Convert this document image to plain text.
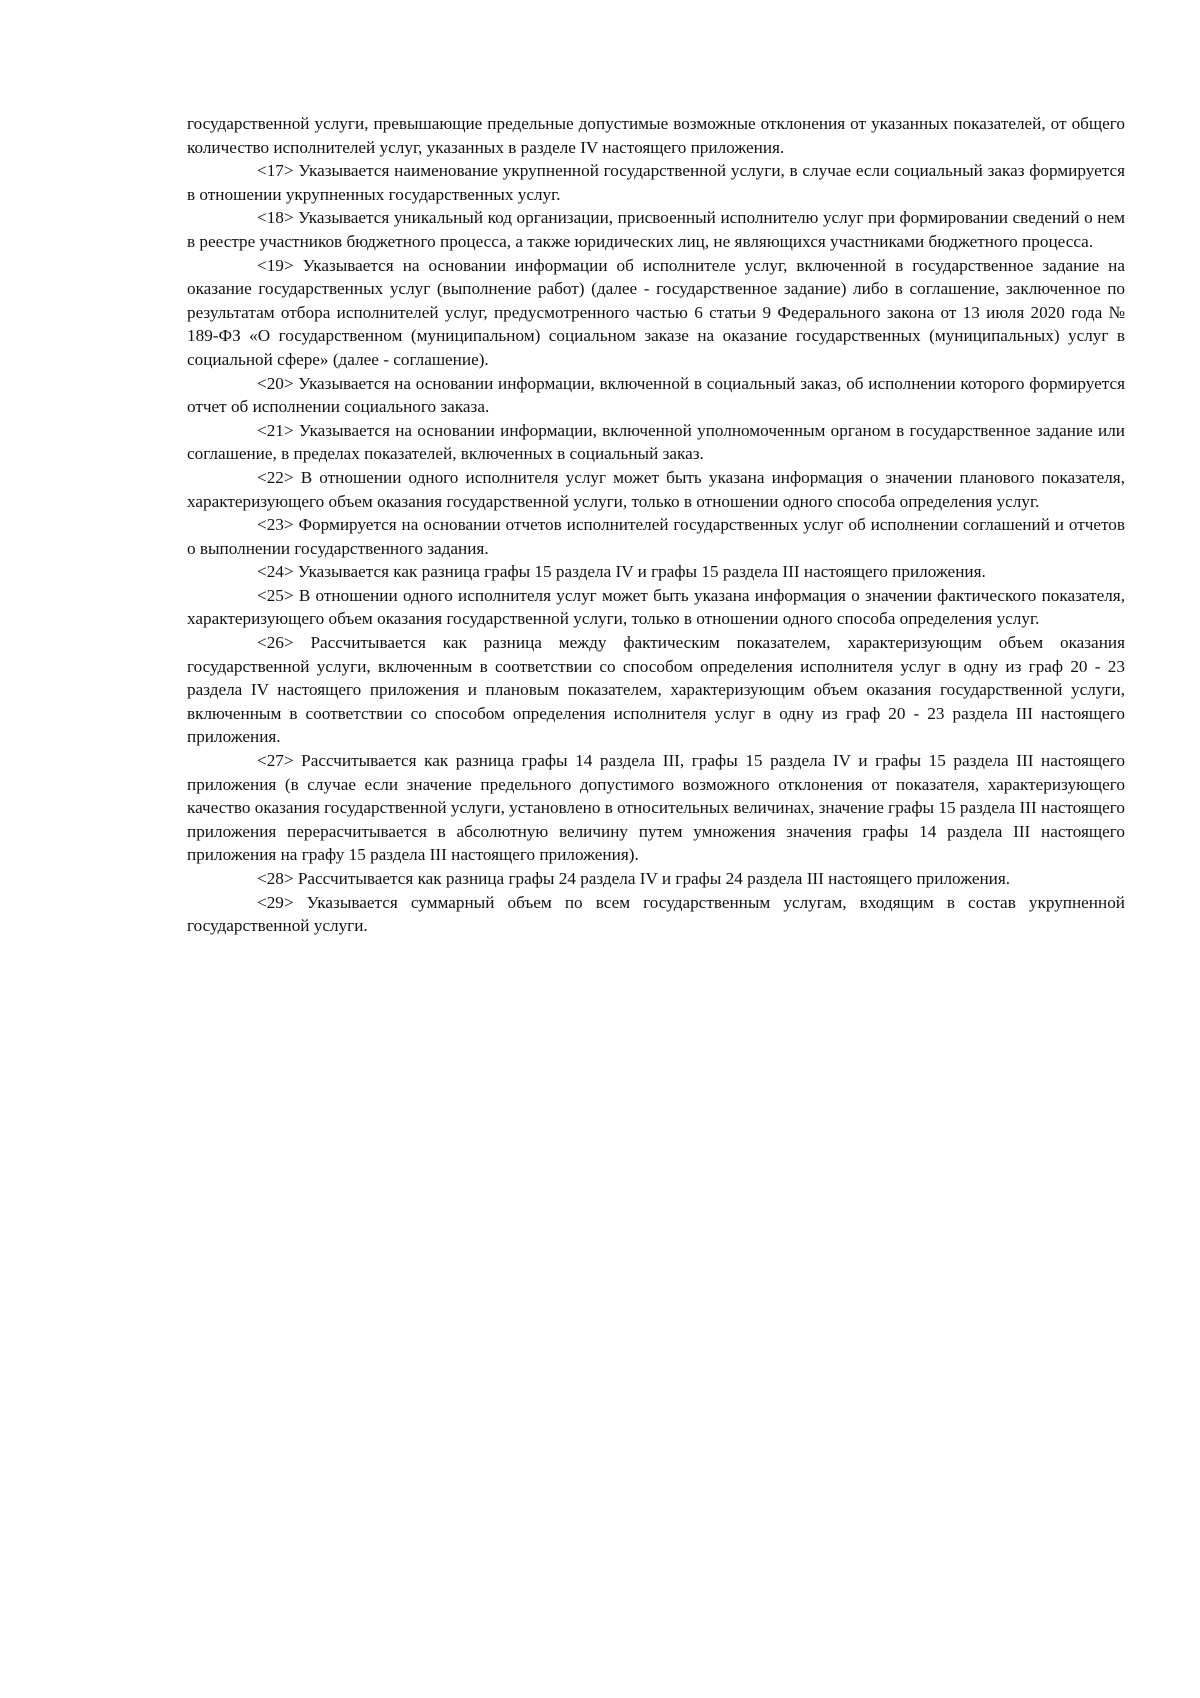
государственной услуги, превышающие предельные допустимые возможные отклонения от указанных показателей, от общего количество исполнителей услуг, указанных в разделе IV настоящего приложения.

<17> Указывается наименование укрупненной государственной услуги, в случае если социальный заказ формируется в отношении укрупненных государственных услуг.

<18> Указывается уникальный код организации, присвоенный исполнителю услуг при формировании сведений о нем в реестре участников бюджетного процесса, а также юридических лиц, не являющихся участниками бюджетного процесса.

<19> Указывается на основании информации об исполнителе услуг, включенной в государственное задание на оказание государственных услуг (выполнение работ) (далее - государственное задание) либо в соглашение, заключенное по результатам отбора исполнителей услуг, предусмотренного частью 6 статьи 9 Федерального закона от 13 июля 2020 года № 189-ФЗ «О государственном (муниципальном) социальном заказе на оказание государственных (муниципальных) услуг в социальной сфере» (далее - соглашение).

<20> Указывается на основании информации, включенной в социальный заказ, об исполнении которого формируется отчет об исполнении социального заказа.

<21> Указывается на основании информации, включенной уполномоченным органом в государственное задание или соглашение, в пределах показателей, включенных в социальный заказ.

<22> В отношении одного исполнителя услуг может быть указана информация о значении планового показателя, характеризующего объем оказания государственной услуги, только в отношении одного способа определения услуг.

<23> Формируется на основании отчетов исполнителей государственных услуг об исполнении соглашений и отчетов о выполнении государственного задания.

<24> Указывается как разница графы 15 раздела IV и графы 15 раздела III настоящего приложения.

<25> В отношении одного исполнителя услуг может быть указана информация о значении фактического показателя, характеризующего объем оказания государственной услуги, только в отношении одного способа определения услуг.

<26> Рассчитывается как разница между фактическим показателем, характеризующим объем оказания государственной услуги, включенным в соответствии со способом определения исполнителя услуг в одну из граф 20 - 23 раздела IV настоящего приложения и плановым показателем, характеризующим объем оказания государственной услуги, включенным в соответствии со способом определения исполнителя услуг в одну из граф 20 - 23 раздела III настоящего приложения.

<27> Рассчитывается как разница графы 14 раздела III, графы 15 раздела IV и графы 15 раздела III настоящего приложения (в случае если значение предельного допустимого возможного отклонения от показателя, характеризующего качество оказания государственной услуги, установлено в относительных величинах, значение графы 15 раздела III настоящего приложения перерасчитывается в абсолютную величину путем умножения значения графы 14 раздела III настоящего приложения на графу 15 раздела III настоящего приложения).

<28> Рассчитывается как разница графы 24 раздела IV и графы 24 раздела III настоящего приложения.

<29> Указывается суммарный объем по всем государственным услугам, входящим в состав укрупненной государственной услуги.
